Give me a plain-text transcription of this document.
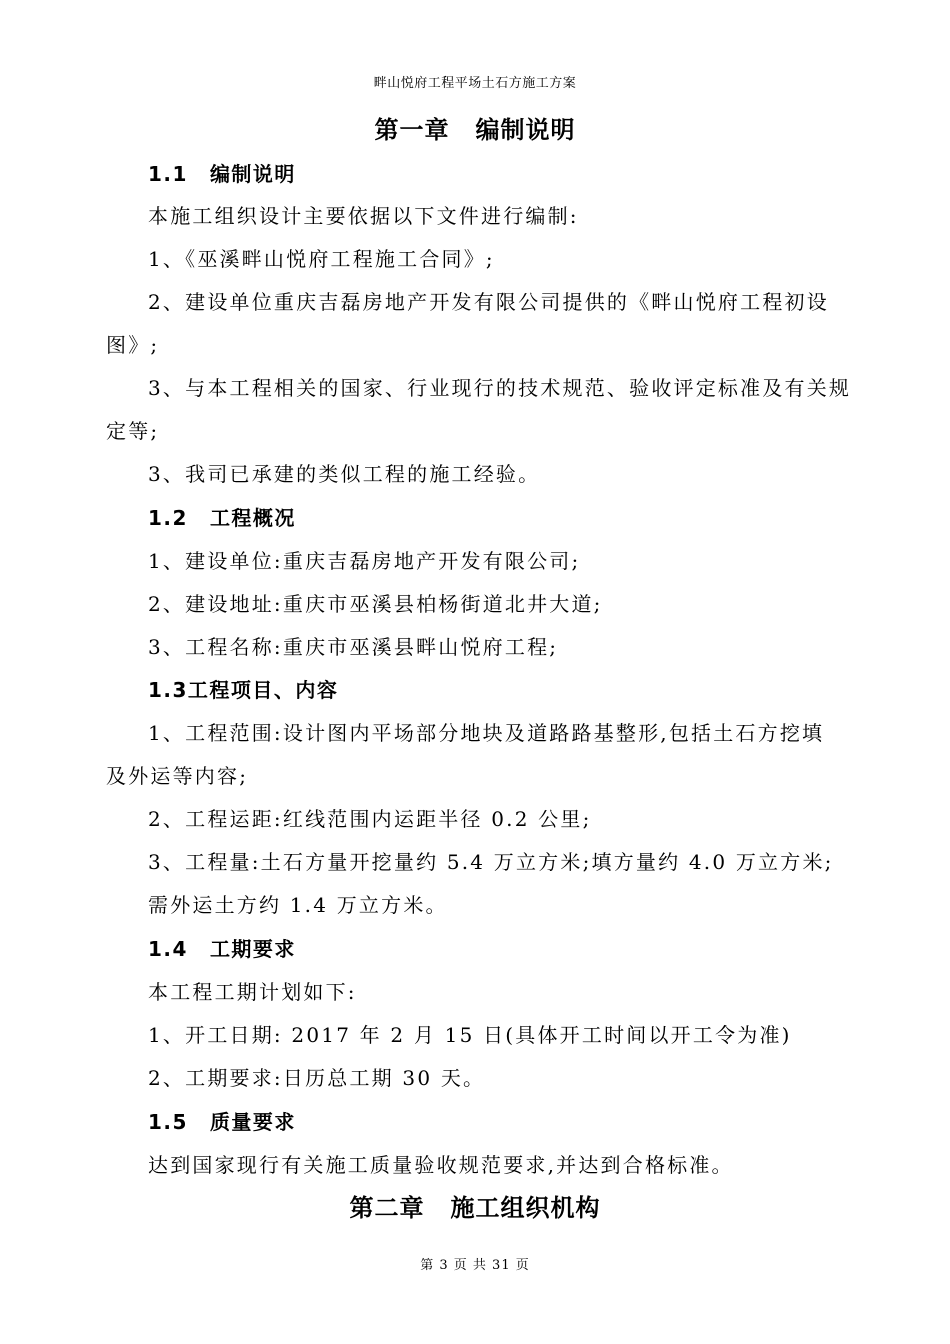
畔山悦府工程平场土石方施工方案
第一章 编制说明
1.1 编制说明
本施工组织设计主要依据以下文件进行编制:
1、《巫溪畔山悦府工程施工合同》;
2、建设单位重庆吉磊房地产开发有限公司提供的《畔山悦府工程初设
图》;
3、与本工程相关的国家、行业现行的技术规范、验收评定标准及有关规
定等;
3、我司已承建的类似工程的施工经验。
1.2 工程概况
1、建设单位:重庆吉磊房地产开发有限公司;
2、建设地址:重庆市巫溪县柏杨街道北井大道;
3、工程名称:重庆市巫溪县畔山悦府工程;
1.3工程项目、内容
1、工程范围:设计图内平场部分地块及道路路基整形,包括土石方挖填
及外运等内容;
2、工程运距:红线范围内运距半径 0.2 公里;
3、工程量:土石方量开挖量约 5.4 万立方米;填方量约 4.0 万立方米;
需外运土方约 1.4 万立方米。
1.4 工期要求
本工程工期计划如下:
1、开工日期: 2017 年 2 月 15 日(具体开工时间以开工令为准)
2、工期要求:日历总工期 30 天。
1.5 质量要求
达到国家现行有关施工质量验收规范要求,并达到合格标准。
第二章 施工组织机构
第 3 页 共 31 页
